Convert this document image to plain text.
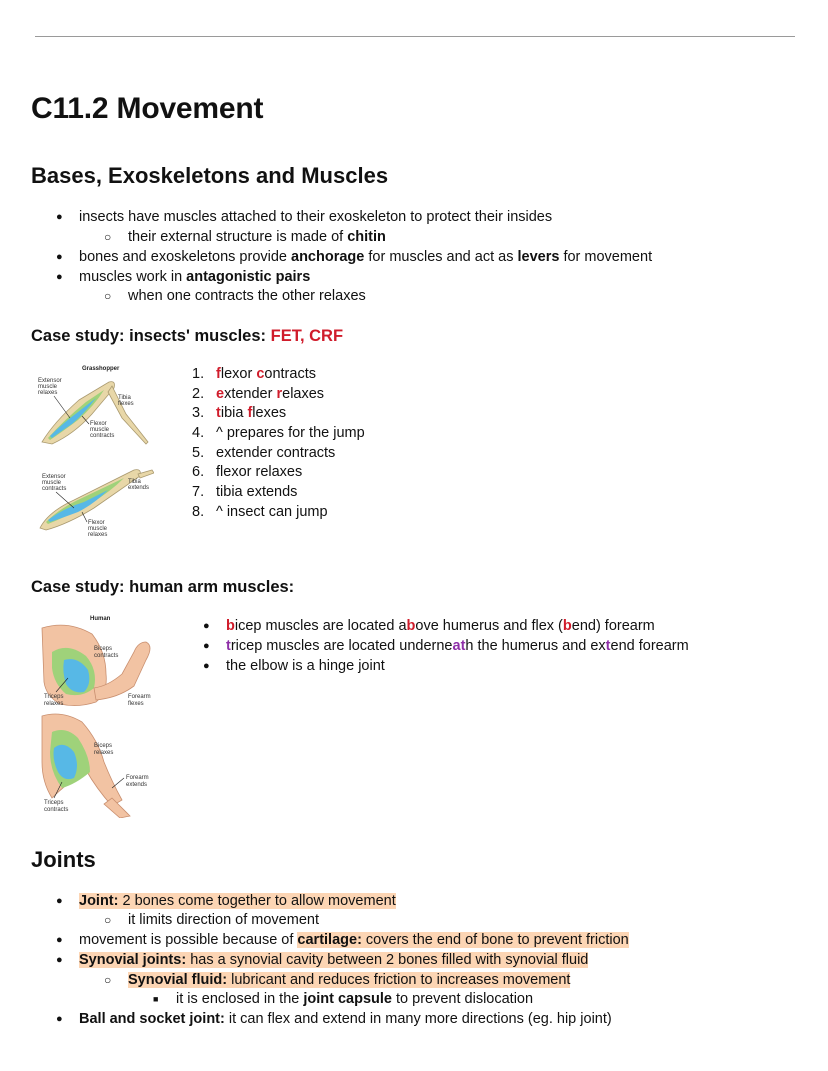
C11.2 Movement
Bases, Exoskeletons and Muscles
● insects have muscles attached to their exoskeleton to protect their insides
○ their external structure is made of chitin
● bones and exoskeletons provide anchorage for muscles and act as levers for movement
● muscles work in antagonistic pairs
○ when one contracts the other relaxes
Case study: insects' muscles: FET, CRF
Grasshopper
Extensor
muscle
relaxes
Tibia
flexes
Flexor
muscle
contracts
Extensor
muscle
contracts
Tibia
extends
Flexor
muscle
relaxes
1. flexor contracts
2. extender relaxes
3. tibia flexes
4. ^ prepares for the jump
5. extender contracts
6. flexor relaxes
7. tibia extends
8. ^ insect can jump
Case study: human arm muscles:
Human
Biceps
contracts
Triceps
relaxes
Forearm
flexes
Biceps
relaxes
Forearm
extends
Triceps
contracts
● bicep muscles are located above humerus and flex (bend) forearm
● tricep muscles are located underneath the humerus and extend forearm
● the elbow is a hinge joint
Joints
● Joint: 2 bones come together to allow movement
○ it limits direction of movement
● movement is possible because of cartilage: covers the end of bone to prevent friction
● Synovial joints: has a synovial cavity between 2 bones filled with synovial fluid
○ Synovial fluid: lubricant and reduces friction to increases movement
■ it is enclosed in the joint capsule to prevent dislocation
● Ball and socket joint: it can flex and extend in many more directions (eg. hip joint)
